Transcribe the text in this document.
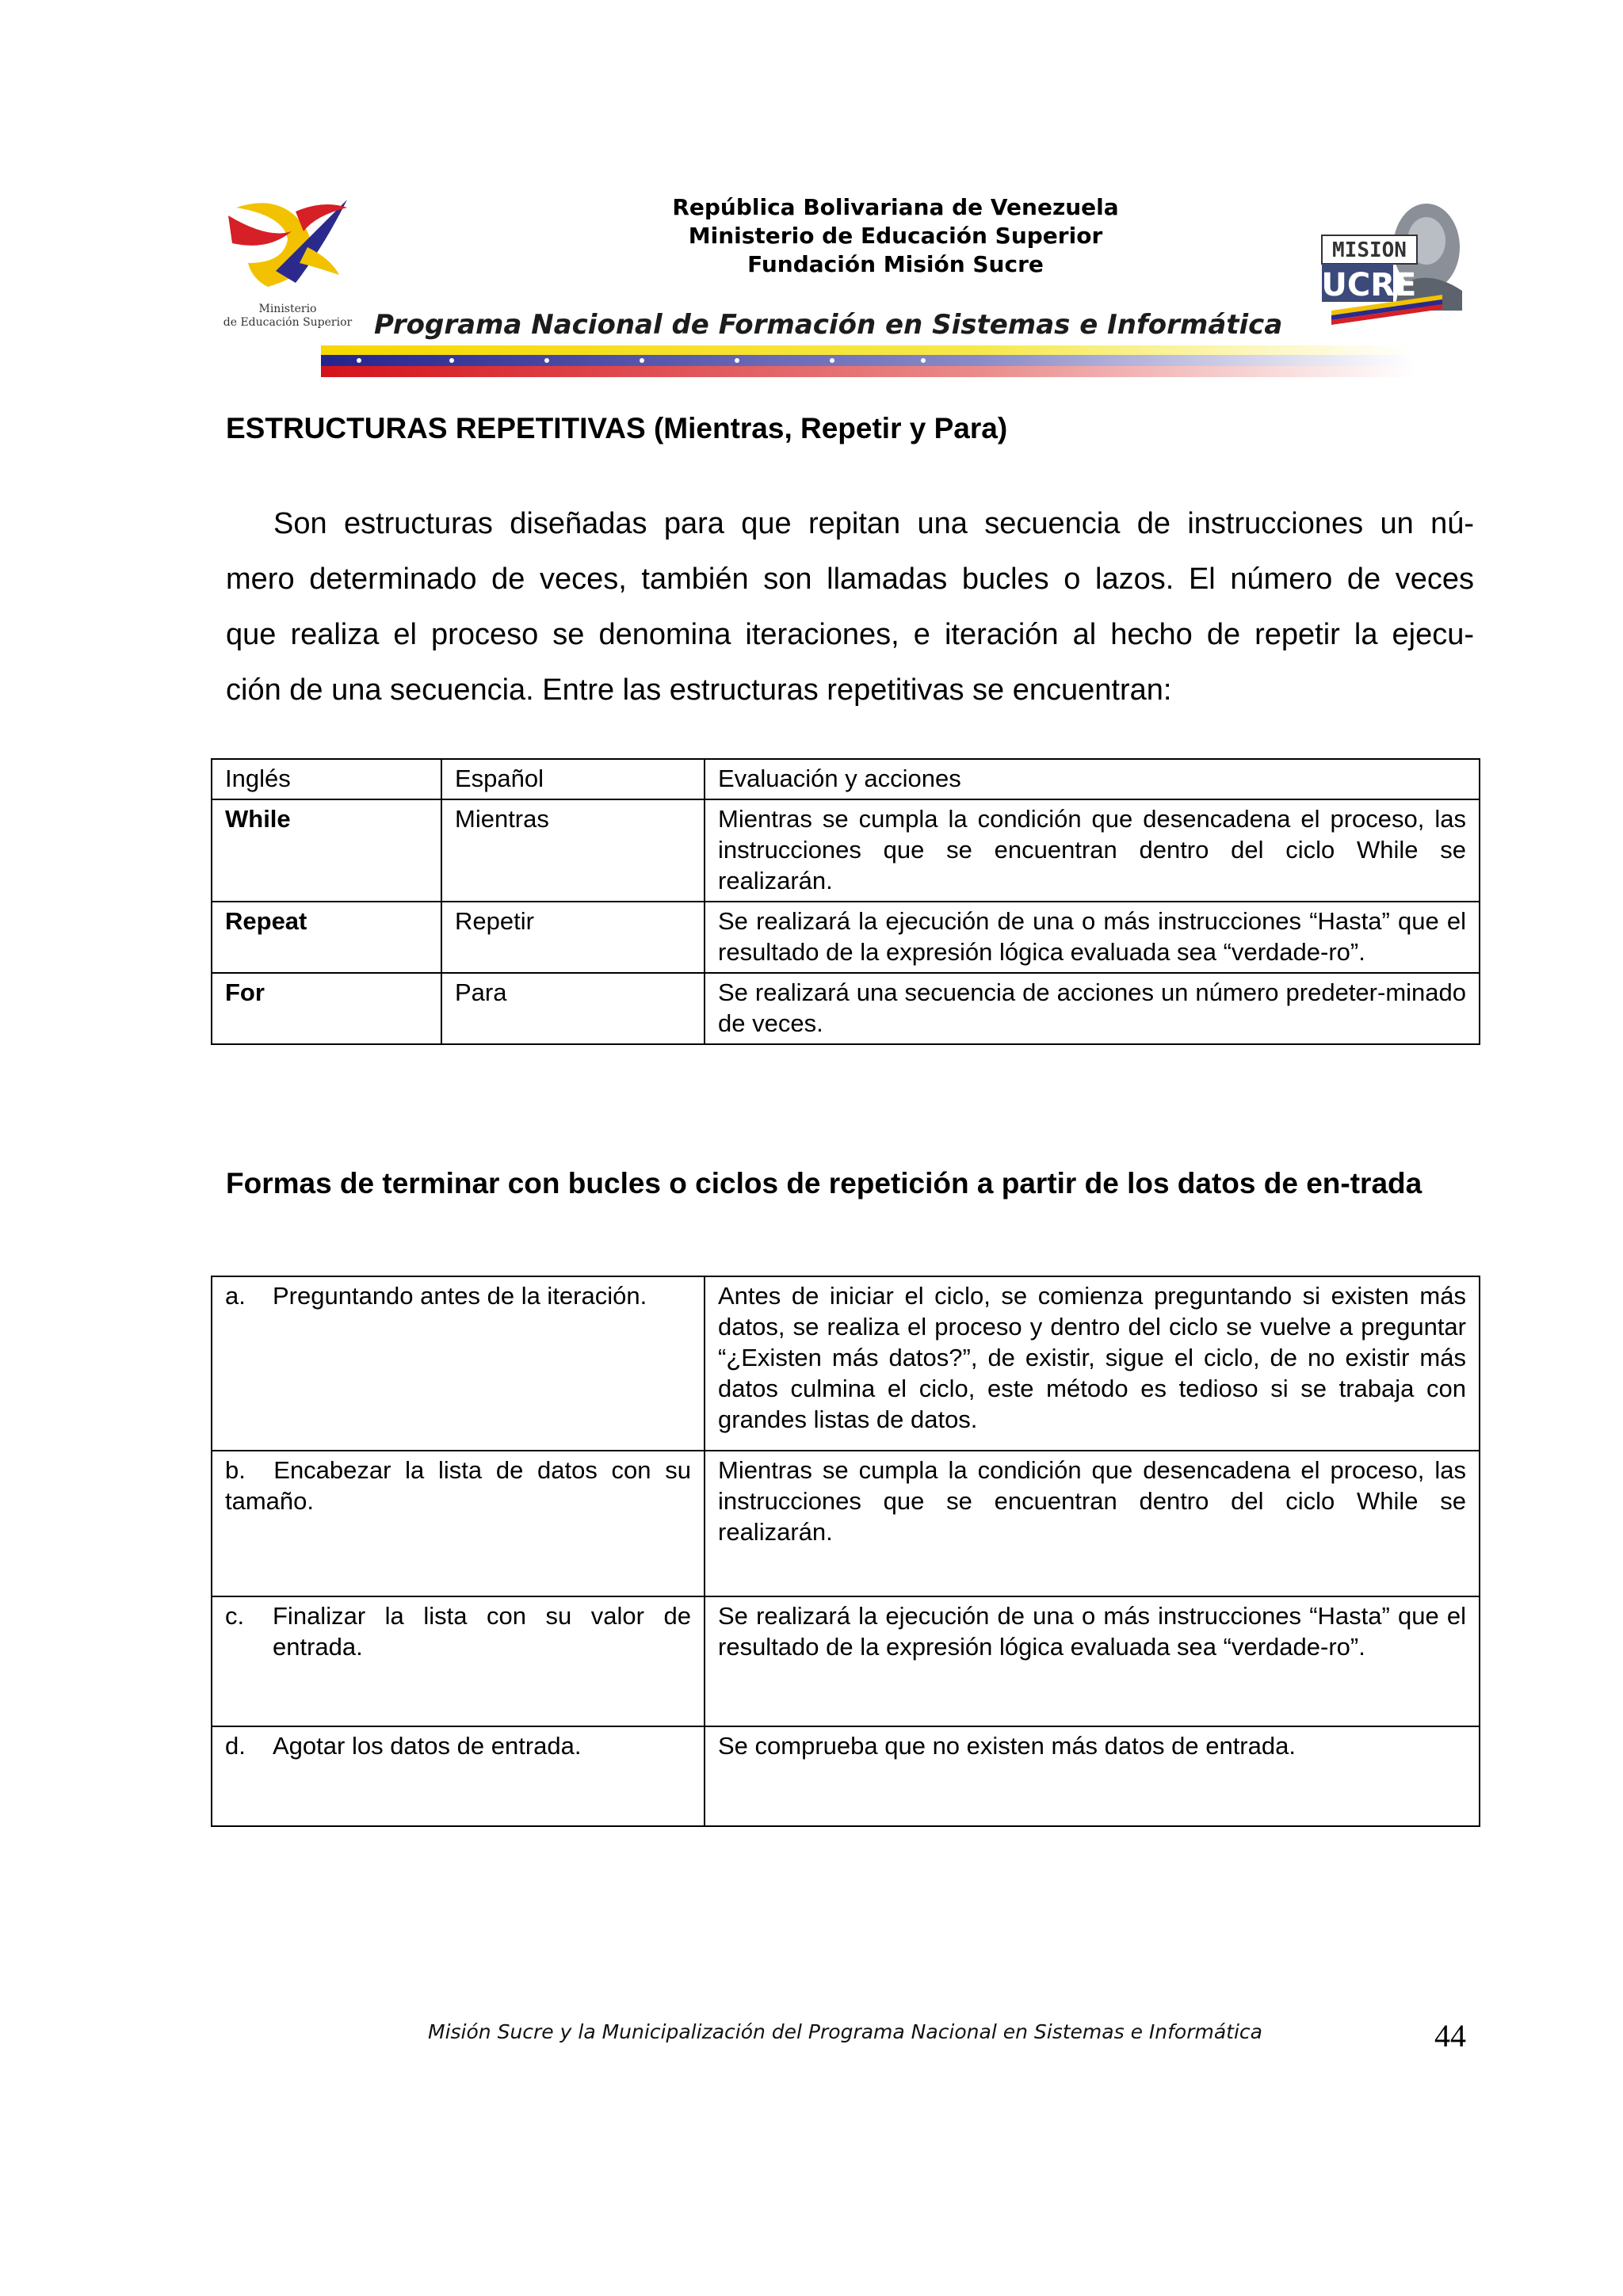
Ministerio
de Educación Superior
República Bolivariana de Venezuela
Ministerio de Educación Superior
Fundación Misión Sucre
MISION
SUCRE
Programa Nacional de Formación en Sistemas e Informática
ESTRUCTURAS REPETITIVAS (Mientras, Repetir y Para)
Son estructuras diseñadas para que repitan una secuencia de instrucciones un nú-
mero determinado de veces, también son llamadas bucles o lazos. El número de veces
que realiza el proceso se denomina iteraciones, e iteración al hecho de repetir la ejecu-
ción de una secuencia. Entre las estructuras repetitivas se encuentran:
Inglés	Español	Evaluación y acciones
While	Mientras	Mientras se cumpla la condición que desencadena el proceso, las instrucciones que se encuentran dentro del ciclo While se realizarán.
Repeat	Repetir	Se realizará la ejecución de una o más instrucciones “Hasta” que el resultado de la expresión lógica evaluada sea “verdade-ro”.
For	Para	Se realizará una secuencia de acciones un número predeter-minado de veces.
Formas de terminar con bucles o ciclos de repetición a partir de los datos de en-trada
a. Preguntando antes de la iteración.	Antes de iniciar el ciclo, se comienza preguntando si existen más datos, se realiza el proceso y dentro del ciclo se vuelve a preguntar “¿Existen más datos?”, de existir, sigue el ciclo, de no existir más datos culmina el ciclo, este método es tedioso si se trabaja con grandes listas de datos.
b. Encabezar la lista de datos con su tamaño.	Mientras se cumpla la condición que desencadena el proceso, las instrucciones que se encuentran dentro del ciclo While se realizarán.

c. Finalizar la lista con su valor de entrada.	Se realizará la ejecución de una o más instrucciones “Hasta” que el resultado de la expresión lógica evaluada sea “verdade-ro”.

d. Agotar los datos de entrada.	Se comprueba que no existen más datos de entrada.
Misión Sucre y la Municipalización del Programa Nacional en Sistemas e Informática	44
